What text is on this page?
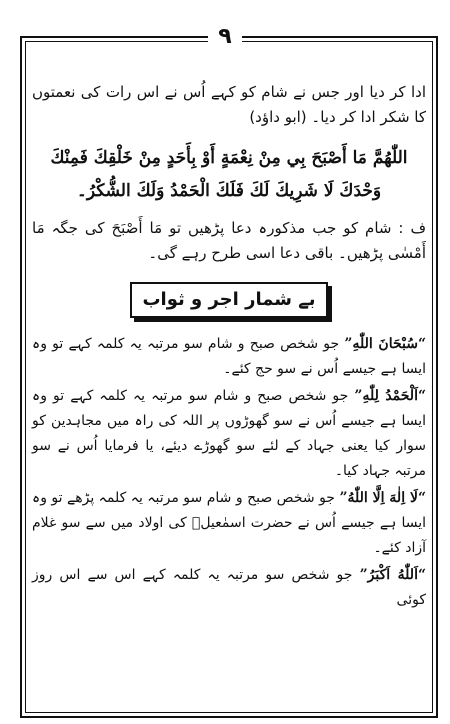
۹

ادا کر دیا اور جس نے شام کو کہے اُس نے اس رات کی نعمتوں کا شکر ادا کر دیا۔ (ابو داؤد)

اللّٰهُمَّ مَا أَصْبَحَ بِي مِنْ نِعْمَةٍ أَوْ بِأَحَدٍ مِنْ خَلْقِكَ فَمِنْكَ

وَحْدَكَ لَا شَرِيكَ لَكَ فَلَكَ الْحَمْدُ وَلَكَ الشُّكْرُ۔

ف : شام کو جب مذکورہ دعا پڑھیں تو مَا أَصْبَحَ کی جگہ مَا أَمْسٰی پڑھیں۔ باقی دعا اسی طرح رہے گی۔

بے شمار اجر و ثواب

“سُبْحَانَ اللّٰهِ” جو شخص صبح و شام سو مرتبہ یہ کلمہ کہے تو وہ ایسا ہے جیسے اُس نے سو حج کئے۔

“اَلْحَمْدُ لِلّٰهِ” جو شخص صبح و شام سو مرتبہ یہ کلمہ کہے تو وہ ایسا ہے جیسے اُس نے سو گھوڑوں پر اللہ کی راہ میں مجاہدین کو سوار کیا یعنی جہاد کے لئے سو گھوڑے دیئے، یا فرمایا اُس نے سو مرتبہ جہاد کیا۔

“لَا اِلٰهَ اِلَّا اللّٰهُ” جو شخص صبح و شام سو مرتبہ یہ کلمہ پڑھے تو وہ ایسا ہے جیسے اُس نے حضرت اسمٰعیلؑ کی اولاد میں سے سو غلام آزاد کئے۔

“اَللّٰهُ اَکْبَرُ” جو شخص سو مرتبہ یہ کلمہ کہے اس سے اس روز کوئی
